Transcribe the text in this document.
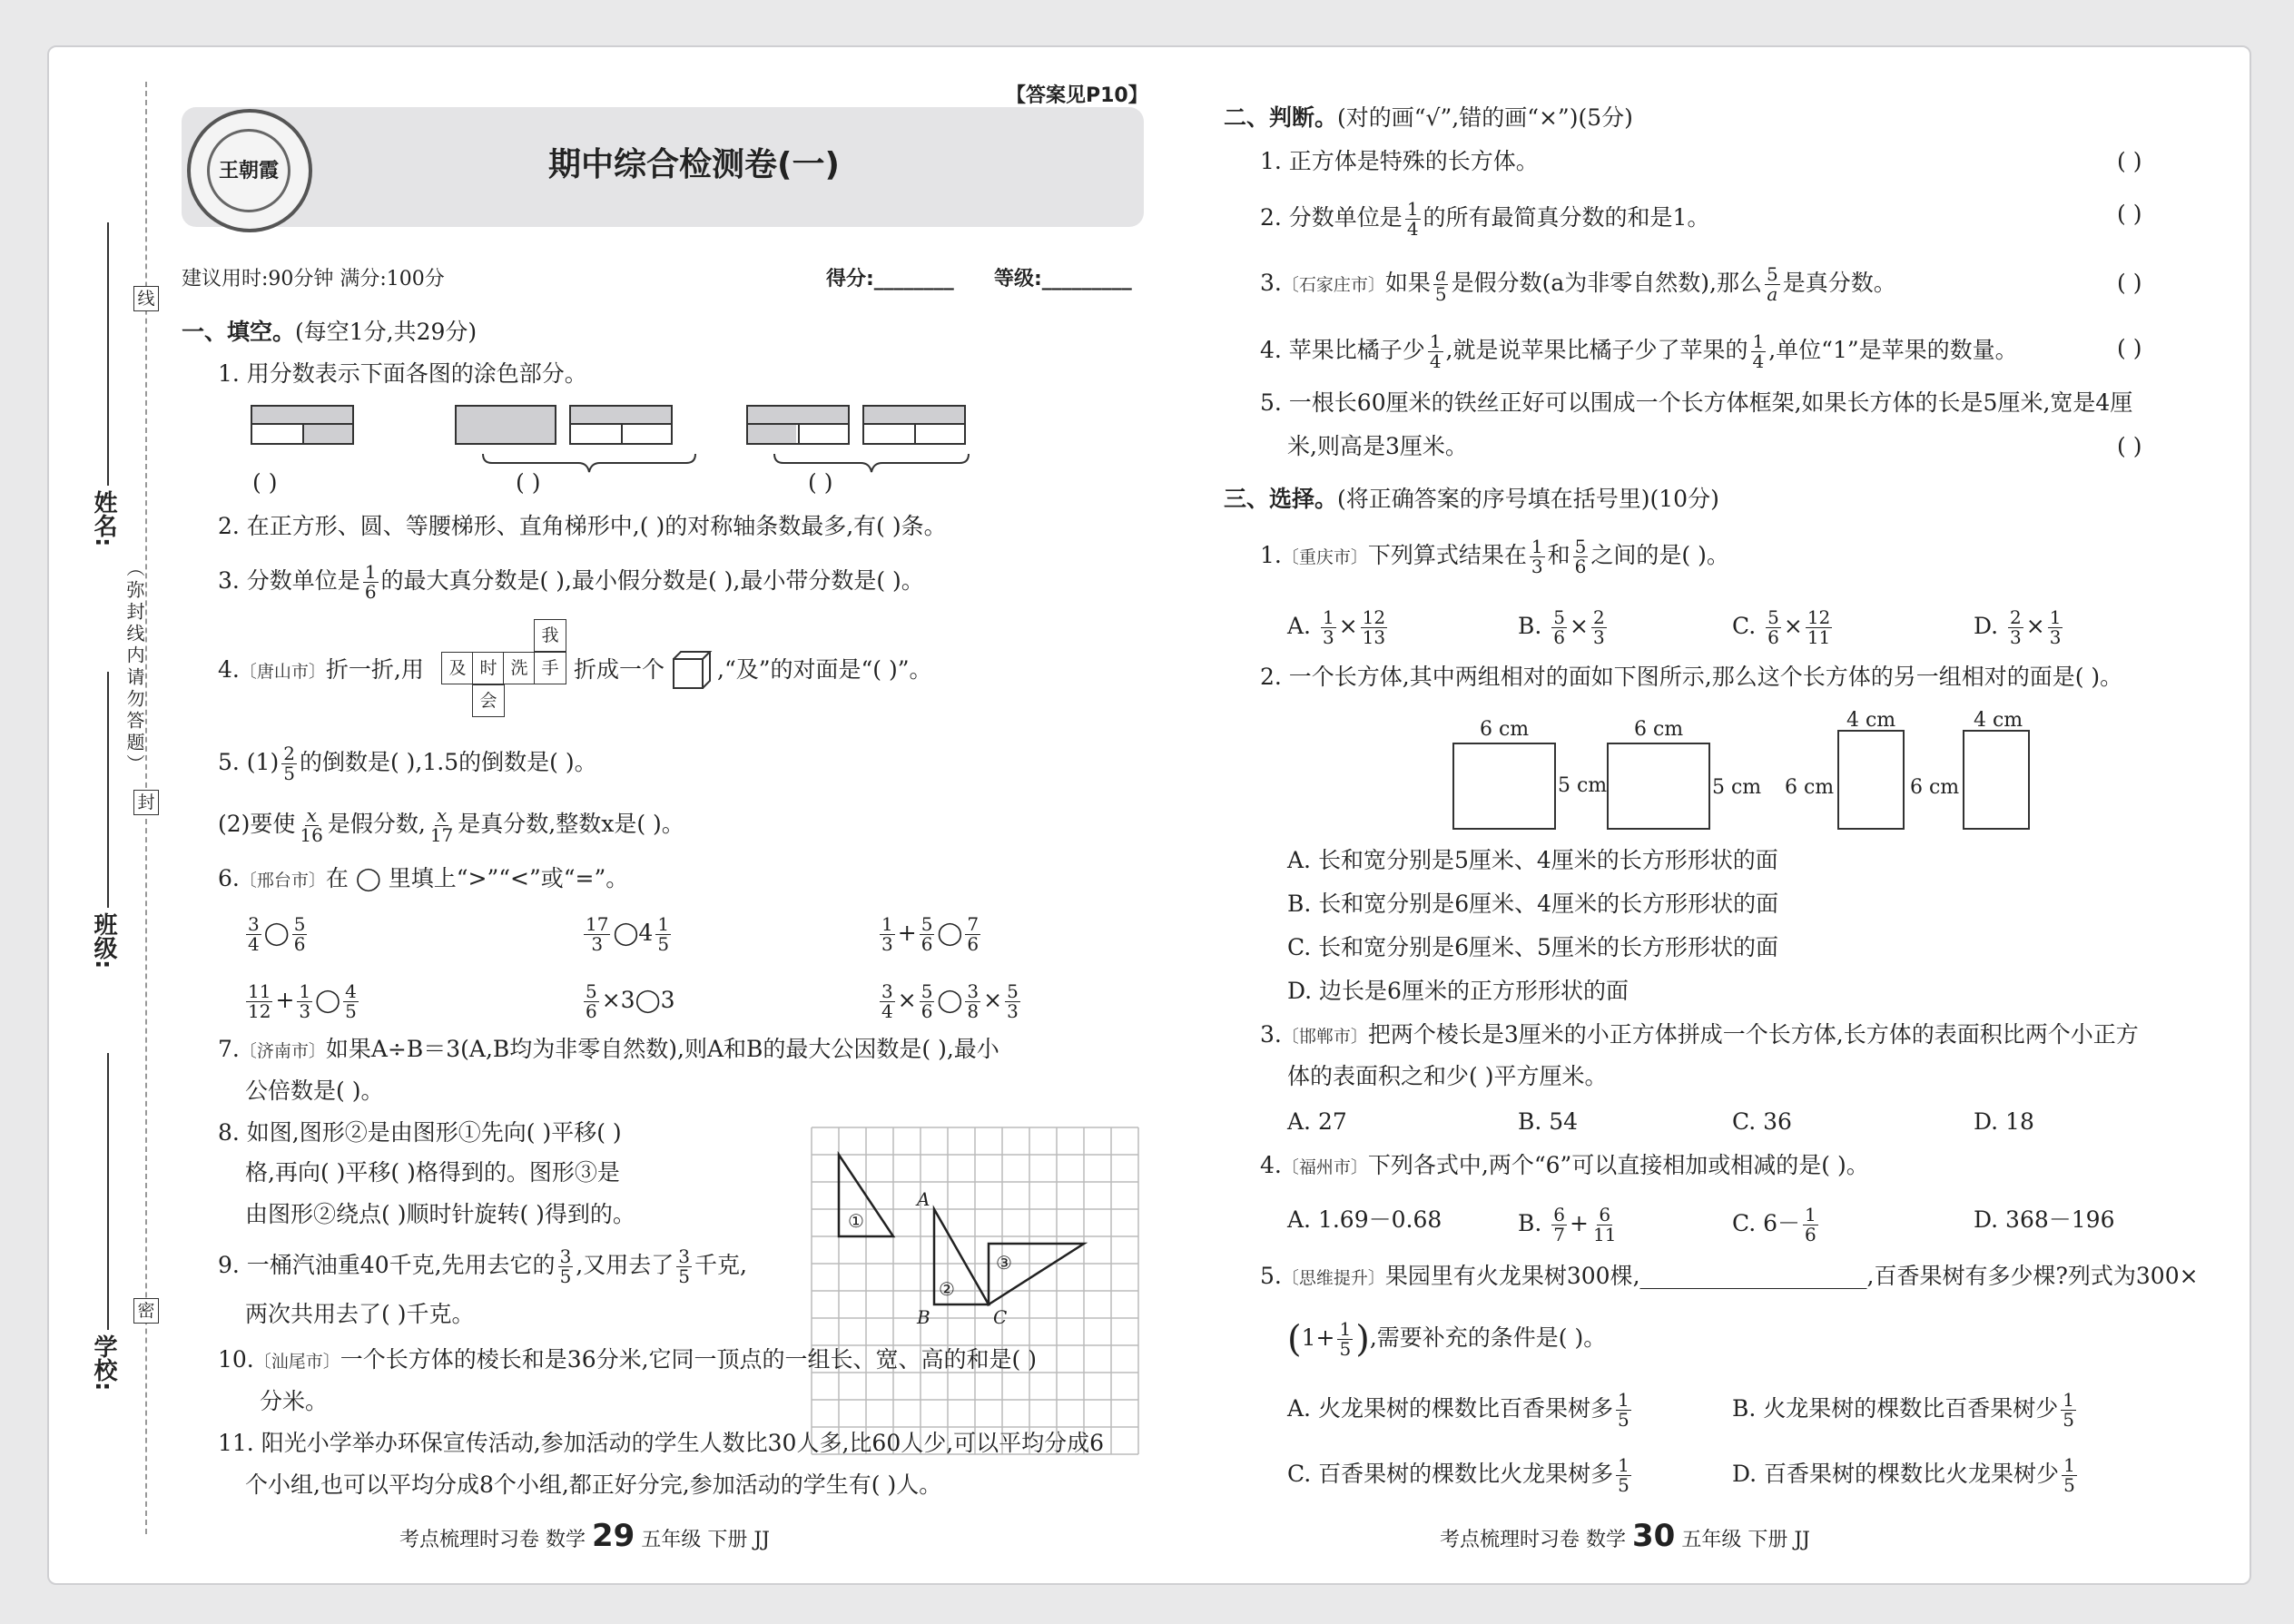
线
封
密
姓名:
班级:
学校:
（弥封线内请勿答题）
【答案见P10】
王朝霞	期中综合检测卷(一)
建议用时:90分钟 满分:100分	得分:________ 等级:_________
一、填空。(每空1分,共29分)
1. 用分数表示下面各图的涂色部分。
( )	( )	( )
2. 在正方形、圆、等腰梯形、直角梯形中,( )的对称轴条数最多,有( )条。
3. 分数单位是 $\frac{1}{6}$ 的最大真分数是( ),最小假分数是( ),最小带分数是( )。
4.〔唐山市〕折一折,用
我
及 时 洗 手
会
折成一个 ,“及”的对面是“( )”。
5. $(1) \frac{2}{5}$ 的倒数是( ),1.5的倒数是( )。
(2)要使 $\frac{x}{16}$ 是假分数, $\frac{x}{17}$ 是真分数,整数x是( )。
6.〔邢台市〕在 ◯ 里填上“>”“<”或“=”。
$\frac{3}{4}$ ◯ $\frac{5}{6}$	$\frac{17}{3}$ ◯4 $\frac{1}{5}$	$\frac{1}{3} + \frac{5}{6}$ ◯ $\frac{7}{6}$
$\frac{11}{12} + \frac{1}{3}$ ◯ $\frac{4}{5}$	$\frac{5}{6}$ ×3◯3	$\frac{3}{4} \times \frac{5}{6}$ ◯ $\frac{3}{8} \times \frac{5}{3}$
7.〔济南市〕如果A÷B＝3(A,B均为非零自然数),则A和B的最大公因数是( ),最小
公倍数是( )。
8. 如图,图形②是由图形①先向( )平移( )
格,再向( )平移( )格得到的。图形③是
由图形②绕点( )顺时针旋转( )得到的。	①
②
③
A
B	C
9. 一桶汽油重40千克,先用去它的 $\frac{3}{5}$ ,又用去了 $\frac{3}{5}$ 千克,
两次共用去了( )千克。
10.〔汕尾市〕一个长方体的棱长和是36分米,它同一顶点的一组长、宽、高的和是( )
分米。
11. 阳光小学举办环保宣传活动,参加活动的学生人数比30人多,比60人少,可以平均分成6
个小组,也可以平均分成8个小组,都正好分完,参加活动的学生有( )人。
考点梳理时习卷 数学 29 五年级 下册 JJ
二、判断。(对的画“√”,错的画“×”)(5分)
1. 正方体是特殊的长方体。	( )
2. 分数单位是 $\frac{1}{4}$ 的所有最简真分数的和是1。	( )
3.〔石家庄市〕如果 $\frac{a}{5}$ 是假分数(a为非零自然数),那么 $\frac{5}{a}$ 是真分数。	( )
4. 苹果比橘子少 $\frac{1}{4}$ ,就是说苹果比橘子少了苹果的 $\frac{1}{4}$ ,单位“1”是苹果的数量。	( )
5. 一根长60厘米的铁丝正好可以围成一个长方体框架,如果长方体的长是5厘米,宽是4厘
米,则高是3厘米。	( )
三、选择。(将正确答案的序号填在括号里)(10分)
1.〔重庆市〕下列算式结果在 $\frac{1}{3}$ 和 $\frac{5}{6}$ 之间的是( )。
A. $\frac{1}{3} \times \frac{12}{13}$	B. $\frac{5}{6} \times \frac{2}{3}$	C. $\frac{5}{6} \times \frac{12}{11}$	D. $\frac{2}{3} \times \frac{1}{3}$
2. 一个长方体,其中两组相对的面如下图所示,那么这个长方体的另一组相对的面是( )。
6 cm
5 cm
6 cm
5 cm
4 cm
6 cm
4 cm
6 cm
A. 长和宽分别是5厘米、4厘米的长方形形状的面
B. 长和宽分别是6厘米、4厘米的长方形形状的面
C. 长和宽分别是6厘米、5厘米的长方形形状的面
D. 边长是6厘米的正方形形状的面
3.〔邯郸市〕把两个棱长是3厘米的小正方体拼成一个长方体,长方体的表面积比两个小正方
体的表面积之和少( )平方厘米。
A. 27	B. 54	C. 36	D. 18
4.〔福州市〕下列各式中,两个“6”可以直接相加或相减的是( )。
A. 1.69－0.68	B. $\frac{6}{7} + \frac{6}{11}$	C. $6- \frac{1}{6}$	D. 368－196
5.〔思维提升〕果园里有火龙果树300棵,____________________,百香果树有多少棵?列式为300×
($1+ \frac{1}{5}$ ),需要补充的条件是( )。
A. 火龙果树的棵数比百香果树多 $\frac{1}{5}$	B. 火龙果树的棵数比百香果树少 $\frac{1}{5}$
C. 百香果树的棵数比火龙果树多 $\frac{1}{5}$	D. 百香果树的棵数比火龙果树少 $\frac{1}{5}$
考点梳理时习卷 数学 30 五年级 下册 JJ
